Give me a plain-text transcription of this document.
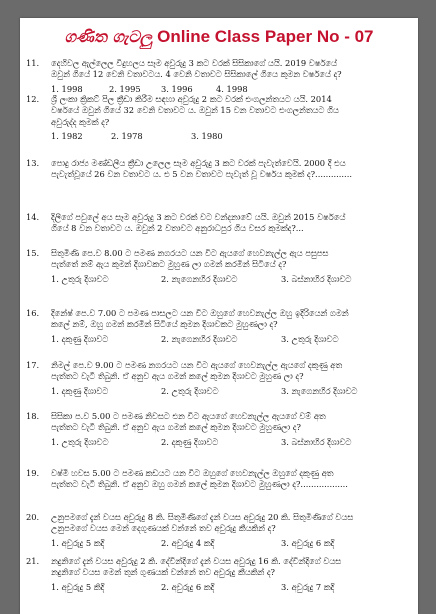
ගණිත ගැටලු Online Class Paper No - 07
11. දෙහිවල ඇල්ලෙල විදුහලය සෑම අවුරුදු 3 කට වරක් සිසිකාගේ යයි. 2019 වර්ෂයේ
ඔවුන් ගියේ 12 වෙනි වතාවටය. 4 වෙනි වතාවට සිසිකාලේ ගියෙ කුමන වර්ෂයේ ද?
1. 1998	2. 1995 3. 1996	4. 1998
12. ශ්‍රී ලංකා ක්‍රිකට් පිල ක්‍රීඩා කිරීම සඳහා අවුරුදු 2 කට වරක් එංගලන්තයට යයි. 2014
වර්ෂයේ ඔවුන් ගියේ 32 වෙනි වතාවට ය. ඔවුන් 15 වන වතාවට එංගලන්තයට ගිය
අවුරුද්ද කුමක් ද?
1. 1982	2. 1978	3. 1980
13. පොදු රාජ්‍ය මණ්ඩලීය ක්‍රීඩා උලෙල සෑම අවුරුදු 3 කට වරක් පැවැත්වෙයි. 2000 දී එය
පැවැත්වූයේ 26 වන වතාවට ය. එ 5 වන වතාවට පැවැත් වූ වර්ෂය කුමක් ද?..............
14. දිලීගේ පවුලේ අය සෑම අවුරුදු 3 කට වරක් වට වන්දනාවේ යයි. ඔවුන් 2015 වර්ෂයේ
ගියේ 8 වන වතාවට ය. ඔවුන් 2 වතාවට අනුරාධපුර ගිය වසර කුමක්ද?...
15. සිතුමිණි පෙ.ව 8.00 ට පමණ නගරයට යන විට ඇයගේ හෙවනැල්ල ඇය පසුපස
පැත්තේ නම් ඇය කුමන් දිශාවකට මුහුණ ලා ගමන් කරමින් සිටියේ ද?
1. උතුරු දිශාවට	2. නැගෙනහිර දිශාවට	3. බස්නාහිර දිශාවට
16. දිනේෂ් පෙ.ව 7.00 ට පමණ පාසලට යන විට ඔහුගේ හෙවනැල්ල ඔහු ඉදිරියෙන් ගමන්
කලේ නම්, ඔහු ගමන් කරමින් සිටියේ කුමන දිශාවකට මුහුණලා ද?
1. දකුණු දිශාවට	2. නැගෙනහිර දිශාවට	3. උතුරු දිශාවට
17. නිමල් පෙ.ව 9.00 ට පමණ නගරයට යන විට ඇයගේ හෙවනැල්ල ඇයගේ දකුණු අත
පැත්තට වැටී තිබුනි. ඒ අනුව ඇය ගමන් කලේ කුමන දිශාවට මුහුණ ලා ද?
1. දකුණු දිශාවට	2. උතුරු දිශාවට	3. නැගෙනහිර දිශාවට
18. සිසිකා ප.ව 5.00 ට පමණ නිවසට එන විට ඇයගේ හෙවනැල්ල ඇයගේ වම් අත
පැත්තට වැටී තිබුනි. ඒ අනුව ඇය ගමන් කලේ කුමන දිශාවට මුහුණලා ද?
1. උතුරු දිශාවට	2. දකුණු දිශාවට	3. බස්නාහිර දිශාවට
19. වෂ්මි හවස 5.00 ට පමණ කඩයට යන විට ඔහුගේ හෙවනැල්ල ඔහුගේ දකුණු අත
පැත්තට වැටී තිබුනි. ඒ අනුව ඔහු ගමන් කලේ කුමන දිශාවට මුහුණලා ද?..................
20. උනුපමගේ දැන් වයස අවුරුදු 8 කි. සිතුමිණිගේ දැන් වයස අවුරුදු 20 කි. සිතුමිණිගේ වයස
උනුපමගේ වයස මෙන් දෙගුණයක් වන්නේ තව අවුරුදු කීයකින් ද?
1. අවුරුදු 5 කදි	2. අවුරුදු 4 කදි	3. අවුරුදු 6 කදි
21. නදුනිගේ දැන් වයස අවුරුදු 2 කි. දේවින්දිගේ දැන් වයස අවුරුදු 16 කි. දේවින්දිගේ වයස
නදුනිගේ වයස මෙන් තුන් ගුණයක් වන්නේ තව අවුරුදු කීයකින් ද?
1. අවුරුදු 5 කිදි	2. අවුරුදු 6 කදි	3. අවුරුදු 7 කදි
